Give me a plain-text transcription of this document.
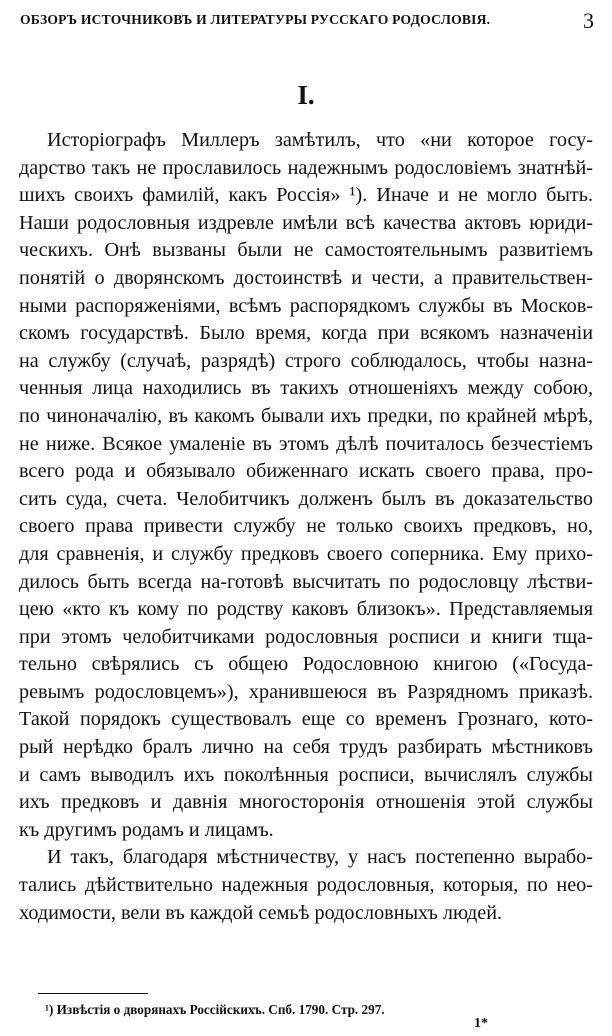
ОБЗОРЪ ИСТОЧНИКОВЪ И ЛИТЕРАТУРЫ РУССКАГО РОДОСЛОВІЯ.	3
I.
Исторіографъ Миллеръ замѣтилъ, что «ни которое госу-
дарство такъ не прославилось надежнымъ родословіемъ знатнѣй-
шихъ своихъ фамилій, какъ Россія» ¹). Иначе и не могло быть.
Наши родословныя издревле имѣли всѣ качества актовъ юриди-
ческихъ. Онѣ вызваны были не самостоятельнымъ развитіемъ
понятій о дворянскомъ достоинствѣ и чести, а правительствен-
ными распоряженіями, всѣмъ распорядкомъ службы въ Москов-
скомъ государствѣ. Было время, когда при всякомъ назначеніи
на службу (случаѣ, разрядѣ) строго соблюдалось, чтобы назна-
ченныя лица находились въ такихъ отношеніяхъ между собою,
по чиноначалію, въ какомъ бывали ихъ предки, по крайней мѣрѣ,
не ниже. Всякое умаленіе въ этомъ дѣлѣ почиталось безчестіемъ
всего рода и обязывало обиженнаго искать своего права, про-
сить суда, счета. Челобитчикъ долженъ былъ въ доказательство
своего права привести службу не только своихъ предковъ, но,
для сравненія, и службу предковъ своего соперника. Ему прихо-
дилось быть всегда на-готовѣ высчитать по родословцу лѣстви-
цею «кто къ кому по родству каковъ близокъ». Представляемыя
при этомъ челобитчиками родословныя росписи и книги тща-
тельно свѣрялись съ общею Родословною книгою («Госуда-
ревымъ родословцемъ»), хранившеюся въ Разрядномъ приказѣ.
Такой порядокъ существовалъ еще со временъ Грознаго, кото-
рый нерѣдко бралъ лично на себя трудъ разбирать мѣстниковъ
и самъ выводилъ ихъ поколѣнныя росписи, вычислялъ службы
ихъ предковъ и давнія многосторонія отношенія этой службы
къ другимъ родамъ и лицамъ.
И такъ, благодаря мѣстничеству, у насъ постепенно вырабо-
тались дѣйствительно надежныя родословныя, которыя, по нео-
ходимости, вели въ каждой семьѣ родословныхъ людей.
¹) Извѣстія о дворянахъ Россійскихъ. Спб. 1790. Стр. 297.
1*
